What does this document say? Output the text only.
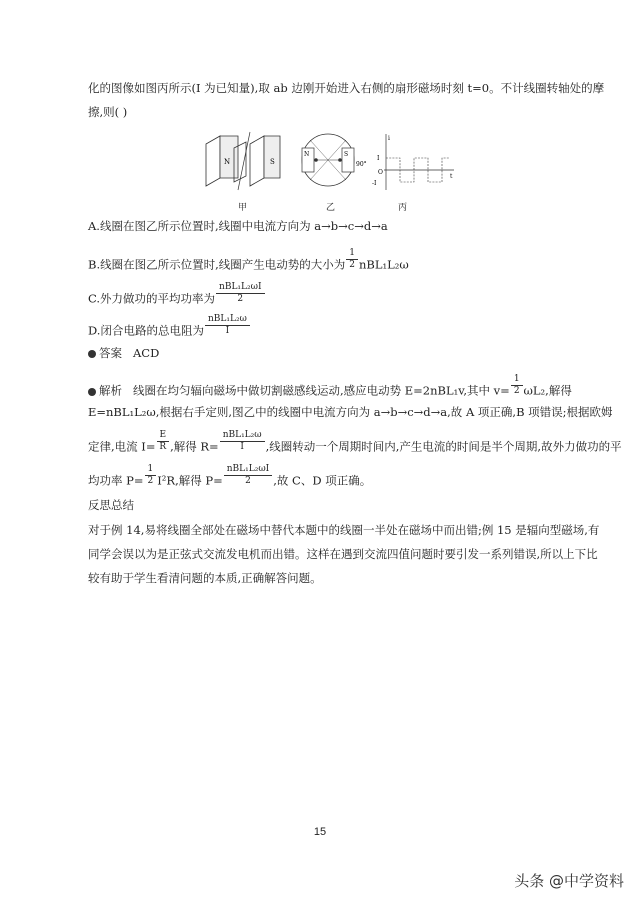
化的图像如图丙所示(I 为已知量),取 ab 边刚开始进入右侧的扇形磁场时刻 t=0。不计线圈转轴处的摩
擦,则( )
N	S
N	S
90°
i
t
O
I
-I
甲	乙	丙
A.线圈在图乙所示位置时,线圈中电流方向为 a→b→c→d→a
B.线圈在图乙所示位置时,线圈产生电动势的大小为 $\frac{1}{2} nBL_1L_2\omega$
C.外力做功的平均功率为 $\frac{\text{nBL₁L₂ωI}}{2}$
D.闭合电路的总电阻为 $\frac{\text{nBL₁L₂ω}}{I}$
答案 ACD
解析 线圈在均匀辐向磁场中做切割磁感线运动,感应电动势 E=2nBL₁v,其中 $v= \frac{1}{2} \omega L_2$,解得
E=nBL₁L₂ω,根据右手定则,图乙中的线圈中电流方向为 a→b→c→d→a,故 A 项正确,B 项错误;根据欧姆
定律,电流 $I= \frac{E}{R}$ ,解得 $R= \frac{\text{nBL₁L₂ω}}{I}$ ,线圈转动一个周期时间内,产生电流的时间是半个周期,故外力做功的平
均功率 $P= \frac{1}{2} I^2R$,解得 $P= \frac{\text{nBL₁L₂ωI}}{2}$ ,故 C、D 项正确。
反思总结
对于例 14,易将线圈全部处在磁场中替代本题中的线圈一半处在磁场中而出错;例 15 是辐向型磁场,有
同学会误以为是正弦式交流发电机而出错。这样在遇到交流四值问题时要引发一系列错误,所以上下比
较有助于学生看清问题的本质,正确解答问题。
15
头条 @中学资料
